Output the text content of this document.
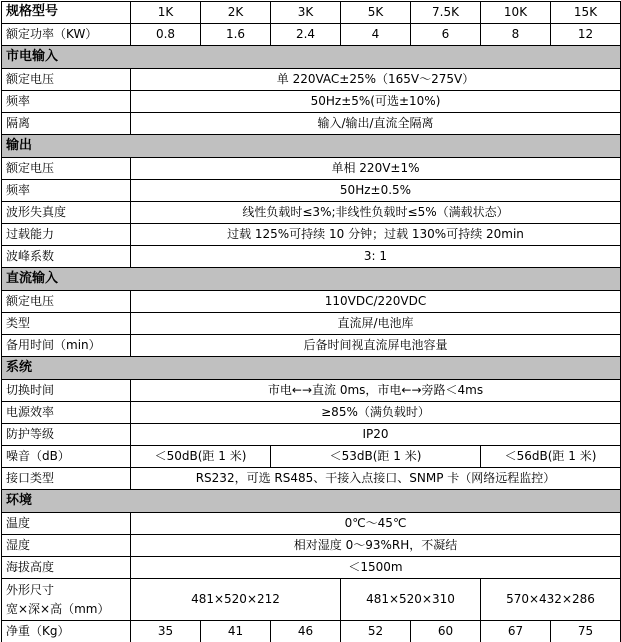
规格型号	1K	2K	3K	5K	7.5K	10K	15K
额定功率（KW）	0.8	1.6	2.4	4	6	8	12
市电输入							
额定电压	单 220VAC±25%（165V～275V）						
频率	50Hz±5%(可选±10%)						
隔离	输入/输出/直流全隔离						
输出							
额定电压	单相 220V±1%						
频率	50Hz±0.5%						
波形失真度	线性负载时≤3%;非线性负载时≤5%（满载状态）						
过载能力	过载 125%可持续 10 分钟；过载 130%可持续 20min						
波峰系数	3: 1						
直流输入							
额定电压	110VDC/220VDC						
类型	直流屏/电池库						
备用时间（min）	后备时间视直流屏电池容量						
系统							
切换时间	市电←→直流 0ms，市电←→旁路＜4ms						
电源效率	≥85%（满负载时）						
防护等级	IP20						
噪音（dB）	＜50dB(距 1 米)		＜53dB(距 1 米)			＜56dB(距 1 米)	
接口类型	RS232，可选 RS485、干接入点接口、SNMP 卡（网络远程监控）						
环境							
温度	0℃～45℃						
湿度	相对湿度 0～93%RH，不凝结						
海拔高度	＜1500m						
外形尺寸
宽×深×高（mm）	481×520×212			481×520×310		570×432×286	
净重（Kg）	35	41	46	52	60	67	75
